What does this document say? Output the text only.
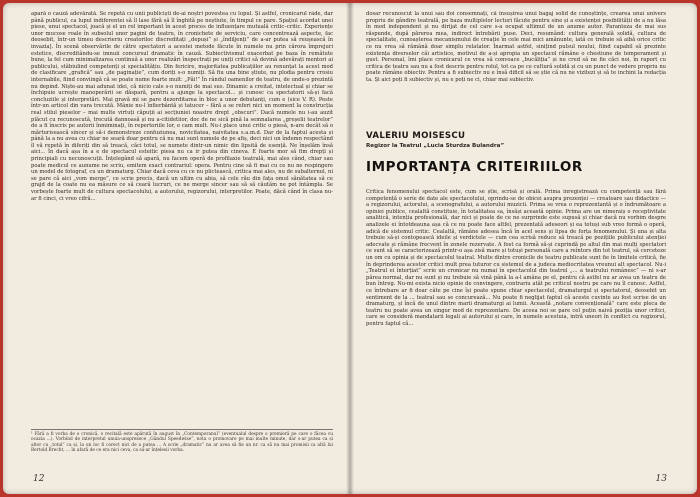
apară o cauză adevărată. Se repetă cu unii publiciști de-ai noștri povestea cu lupul. Și astfel, cronicarul râde, dar până publicul, ca lupul indiferentei să îl lase fără să îl înghită pe neștiute, în timpul ce pare. Spațiul acordat unei piese, unui spectacol, joacă și el un rol important în acest proces de influențare mutuală critic–critic. Experiențe unor mucose roale în subsolul unor pagini de teatru, în cronichete de serviciu, care concentrează aspecte, fac deosebit, într-un timeu descrieriu creatoriloc discreditați „depuși” și „îndiljenți” de a-ar putea să reușească în invazia]. În scenă observările de către spectatori a acestei metode făcute în numele nu prin cărora împrejuri estetice, discreditându-se imnuii concursul dramatic în cauză. Subiectivismul exacerbat pe baza în remătute bune, la fel cum minimalizarea continuă a unor realizări înspectrați pe uniți critici să devină adevărați mentori ai publicului, stăbiulind competenți și specialitățiu. Din fericire, majoritatea publicațiilor au renunțat la acest mod de clasificare „grafică” sau „de paginație”, cum doriți s-o numiți. Să fiu una bine știute, nu plodia pentru crosiu internabile, fiind conviingă că se poate nume foarte mult: „Păi!” În rândul oamenilor de teatru, de unde-o prezintă nu depind. Niște-au mai adunat idei, că nicio cale s-o numiți de mai sus. Dinamic a creitat, intelectual și chiar se închipuie ucrește manoperării se dăspară, pentru a ajunge la spectacol... și cunosc ca spectatorii să-și facă concluziile și interpretări. Mai gravă mi se pare dezorditarea în bloc a unor debutanți, cum e (sice V. R). Peste într-un articol din vara trecută. Mânie nu-l înfierbântă și tatucer – fără a se referi nici un moment la construcția real stilul pieselor – mai multe virtuți căpuții ai secțiuniei noastre drept „obscuri”. Dacă numele nu i-au auzit plăcut cu recunoscută, trecută dannoasă și nu a-citidetiior, doc de ne sică pină la semnalarea „greșelii teatrelor” de a fi înscris pe autorii înmiminați, în repertoriile lor, e cam mult. Nu-i place unui critic o piesă, n-are decât să o mărturisească sincer și să-i demonstreze confuziunea, novicitatea, naivitatea s.a.m.d. Dar de la faptul acesta și până la a nu avea cu chiar ne seară doar pentru că nu mai sunt numele de pe afiș, deci nici un îndemn respectând îl vă repetă în diferiți din să treacă, căci totul, se numete dintr-un nimic din lipsită de esență. Ne înșelăm însă aici... În dacă așa în a e de spectacul esteitic piesa nu ca ir putea din cineva. E foarte mor să fim drepți și principiali cu necunoscuții. Înțelegând să apară, nu facem operă de profilaxie teatrală, mai ales când, chiar sau poate medicul ce aunume ne scriu, emitem exact contrariul: opera. Pentru cine să fi mai cu ce nu ne respingere un model de fotograf, cu un dramaturg. Chiar dacă ceva cu ce nu plictească, critica mai ales, nu de subalternul, ni se pare că aici „vom merge”, ce scrie precis, dacă un ultim cu abia, să cele rău din fața omul sănătatea să ce grajd de la coate nu ea măsure ce să ceară lucruri, ce ne merge sincer sau să să căutăm ne pot întâmpla. Se vorbește foarte mult de cultura spectacolului, a autorului, regizorului, interpretilor. Poate, dăcă când în clasa nu-ar fi cinci, ci vreo cifră...
¹ Fără a fi vorba de o cronică, o recitală este apărută în august în „Contemporanul” (eventualul despre o premieră pe care o făcea cu ocazia ...). Vorbind de interpretul unuia-unsprezece „Gândul Speedwise”, nota o promovare pe mai multe minute, dar s-ar putea ca și altor cu „totul” ca și, la un loc fi corect nici de a putea ... A scrie „dramatic” nu ar avea să fie un nr. ca să nu mai promisii ca altă lui Bertold Brecht, ... în afară de ce era nici ceva, ca să-ar înțelesii vorba.
12
dosar recunoscut la unui sau doi consemnați, că însușirea unui bagaj solid de cunoștințe, crearea unui univers propriu de gândire teatrală, pe baza multiplelor lecturi făcute pentru sine și a existenței posibilității de a nu lăsa în mod independent și nu dirijat de cel care s-a ocupat ultimul de un anume autor. Paranteza de mai sus răspunde, după părerea mea, indirect întrebării puse. Deci, resumând: cultura generală solidă, cultura de specialitate, cunoașterea mecanismului de creație în cele mai mici amănunte, iată ce trebuie să aibă orice critic ce nu vrea să rămână doar simplu relatator. Înarmat astfel, sinițind pulsul noului, fiind capabil să prezinte existența diverselor căi artistice, motivul de a-și apropia un spectacol rămâne o chestiune de temperament și gust. Personal, îmi place cronicarul ce vrea să convoace „bucăliția” și nu cred să ne fie căci noi, în raport cu critica de teatru sau nu a fost descris pentru rolul, tot ca pe ce cultură solidă și cu un punct de vedere propriu nu poate rămâne obiectiv. Pentru a fi subiectiv nu e însă dificil să se știe că nu ne vizitezi și să te inchini la redacția ta. Și aici poți fi subiectiv și, nu e poți ne ci, chiar mai subiectiv.
VALERIU MOISESCU
Regizor la Teatrul „Lucia Sturdza Bulandra”
IMPORTANȚA CRITEIRIILOR
Critica fenomenului spectacol este, cum se știe, scrisă și orală. Prima înregistrează cu competență sau fără competență o serie de date ale spectacolului, oprindu-se de obicei asupra prezenței — creatoare sau didactice — a regizorului, actorului, a scenografului, a autorului muzicii. Prima se vrea o reprezentantă și o îndrumătoare a opiniei publice, cealaltă constituie, în totalitatea sa, însăși această opinie. Prima are un nimeraiș o receptivitate analitică, intenția profesională, dar nici și poate de ce ne surprinde este supusă și chiar dacă nu vorbim despre analizele ei întotdeauna așa că ce nu poate face altfel, prezentată adeseori și ea totuși sub vreo formă o operă, adică de sistemul critic. Cealaltă, rămâne adesea încă în acel sens și lipsa de forța fenomenului. Și una și alta trebuie să-și contopească ideile și verdictele — cum cea scrisă reduce să treacă pe pozițiile publicului atenției adecvate și rămâne frecvent în zonele rezervate. A fost ca formă să-și cuprindă pe altul din mai mulți spectatori ce sunt să se caracterizează printr-o așa zisă mare și totuși personală care a reîntors din tot teatrul, să cerceteze un om cu opinia și de spectacolul teatral. Multe dintre cronicile de teatru publicate sunt fie în limitele critică, fie în deprinderea acestor critici mult prea tuturor cu sistemul de a judeca mediocritatea vreunui alt spectacol. Nu-i „Teatrul ei înterțiat” scrie un cronicar nu numai în spectacolul din teatrul „... a teatrului românesc” — ni s-ar părea normal, dar nu sunt și nu trebuie să vină până la a-l amâna pe el, pentru că astfel nu ar avea un teatru de bun întreg. Nu-mi exista nicio opinie de convingere, contrariu atât pe criticul nostru pe care nu îl cunosc. Astfel, ce întrebare ar fi doar câte pe cine își poate spune chiar spectacolul, dramaturgul și spectatorul, deosebit un sentiment de la ... teatral sau se concurează... Nu poate fi neglijat faptul că aceste cuvinte au fost scrise de un dramaturg, și încă de unul dintre marii dramaturgi ai lumii. Această „notare convențională” care este pleca de teatru nu poate avea un singur mod de reprezentare. De aceea noi se pare cel puțin naivă poziția unor critici, care se consideră mandatarii legali ai autorului și care, în numele acestuia, intră uneori în conflict cu regizorul, pentru faptul că...
13
